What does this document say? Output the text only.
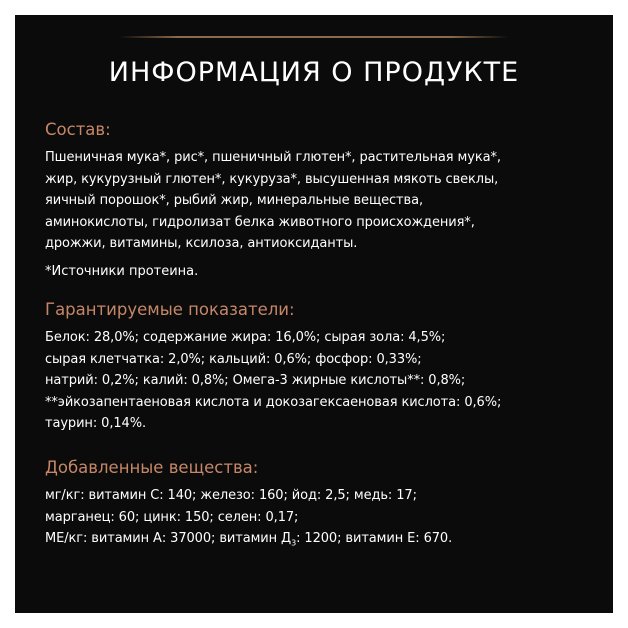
ИНФОРМАЦИЯ О ПРОДУКТЕ
Состав:
Пшеничная мука*, рис*, пшеничный глютен*, растительная мука*,
жир, кукурузный глютен*, кукуруза*, высушенная мякоть свеклы,
яичный порошок*, рыбий жир, минеральные вещества,
аминокислоты, гидролизат белка животного происхождения*,
дрожжи, витамины, ксилоза, антиоксиданты.
*Источники протеина.
Гарантируемые показатели:
Белок: 28,0%; содержание жира: 16,0%; сырая зола: 4,5%;
сырая клетчатка: 2,0%; кальций: 0,6%; фосфор: 0,33%;
натрий: 0,2%; калий: 0,8%; Омега-3 жирные кислоты**: 0,8%;
**эйкозапентаеновая кислота и докозагексаеновая кислота: 0,6%;
таурин: 0,14%.
Добавленные вещества:
мг/кг: витамин C: 140; железо: 160; йод: 2,5; медь: 17;
марганец: 60; цинк: 150; селен: 0,17;
МЕ/кг: витамин А: 37000; витамин $Д_3$: 1200; витамин Е: 670.
